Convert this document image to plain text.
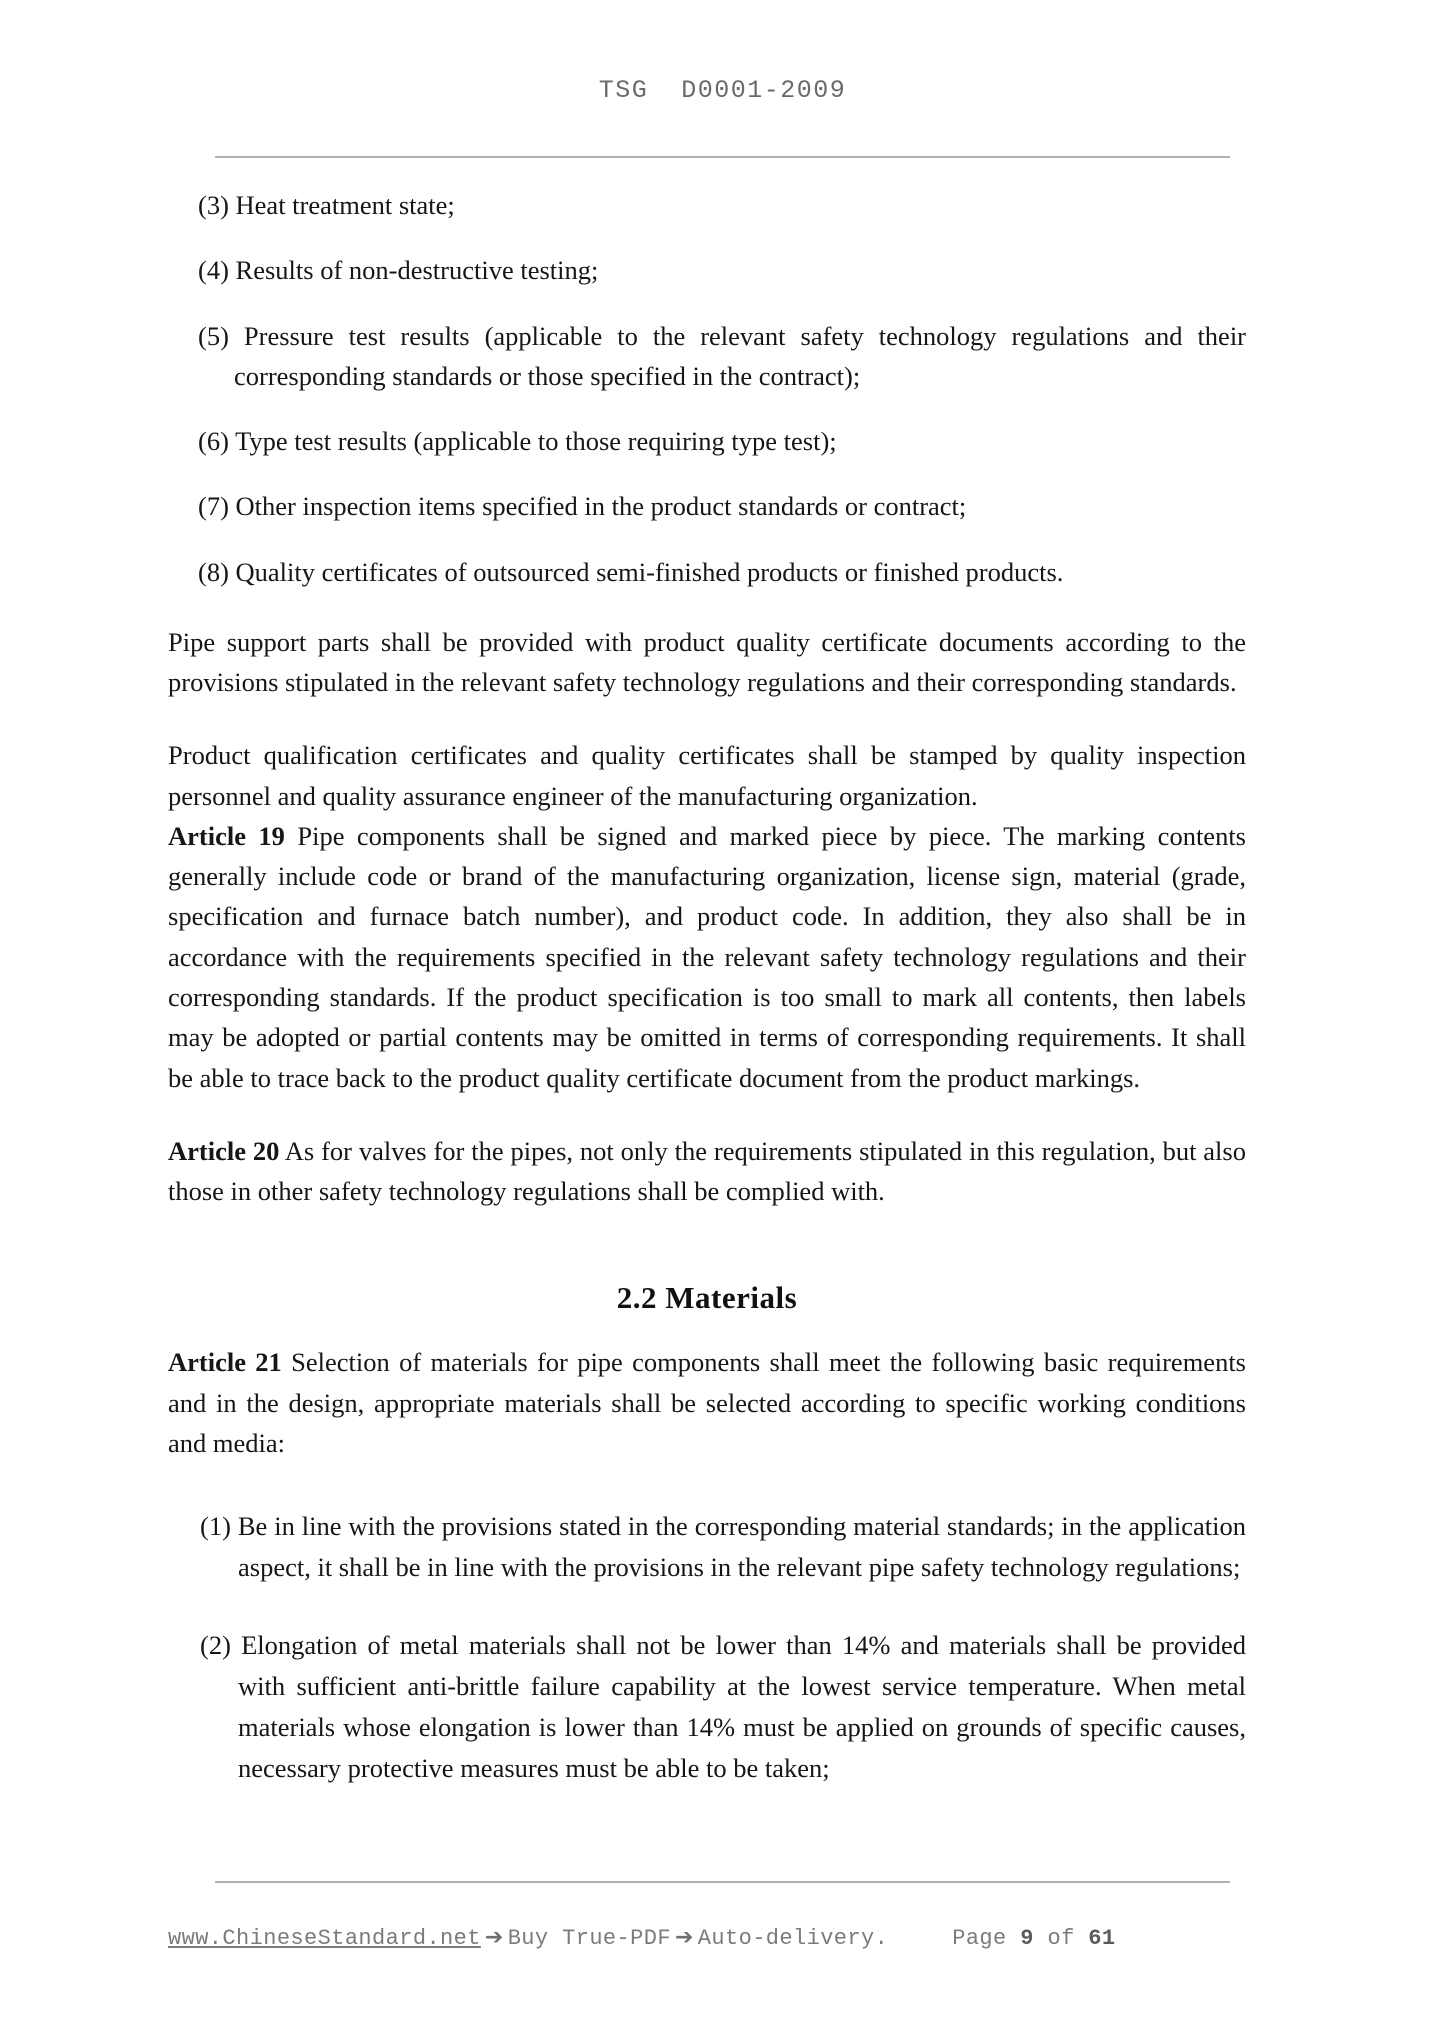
TSG  D0001-2009

(3) Heat treatment state;

(4) Results of non-destructive testing;

(5) Pressure test results (applicable to the relevant safety technology regulations and their corresponding standards or those specified in the contract);

(6) Type test results (applicable to those requiring type test);

(7) Other inspection items specified in the product standards or contract;

(8) Quality certificates of outsourced semi-finished products or finished products.

Pipe support parts shall be provided with product quality certificate documents according to the provisions stipulated in the relevant safety technology regulations and their corresponding standards.

Product qualification certificates and quality certificates shall be stamped by quality inspection personnel and quality assurance engineer of the manufacturing organization.

Article 19 Pipe components shall be signed and marked piece by piece. The marking contents generally include code or brand of the manufacturing organization, license sign, material (grade, specification and furnace batch number), and product code. In addition, they also shall be in accordance with the requirements specified in the relevant safety technology regulations and their corresponding standards. If the product specification is too small to mark all contents, then labels may be adopted or partial contents may be omitted in terms of corresponding requirements. It shall be able to trace back to the product quality certificate document from the product markings.

Article 20 As for valves for the pipes, not only the requirements stipulated in this regulation, but also those in other safety technology regulations shall be complied with.

2.2 Materials

Article 21 Selection of materials for pipe components shall meet the following basic requirements and in the design, appropriate materials shall be selected according to specific working conditions and media:

(1) Be in line with the provisions stated in the corresponding material standards; in the application aspect, it shall be in line with the provisions in the relevant pipe safety technology regulations;

(2) Elongation of metal materials shall not be lower than 14% and materials shall be provided with sufficient anti-brittle failure capability at the lowest service temperature. When metal materials whose elongation is lower than 14% must be applied on grounds of specific causes, necessary protective measures must be able to be taken;

www.ChineseStandard.net ➔ Buy True-PDF ➔ Auto-delivery.	Page 9 of 61
